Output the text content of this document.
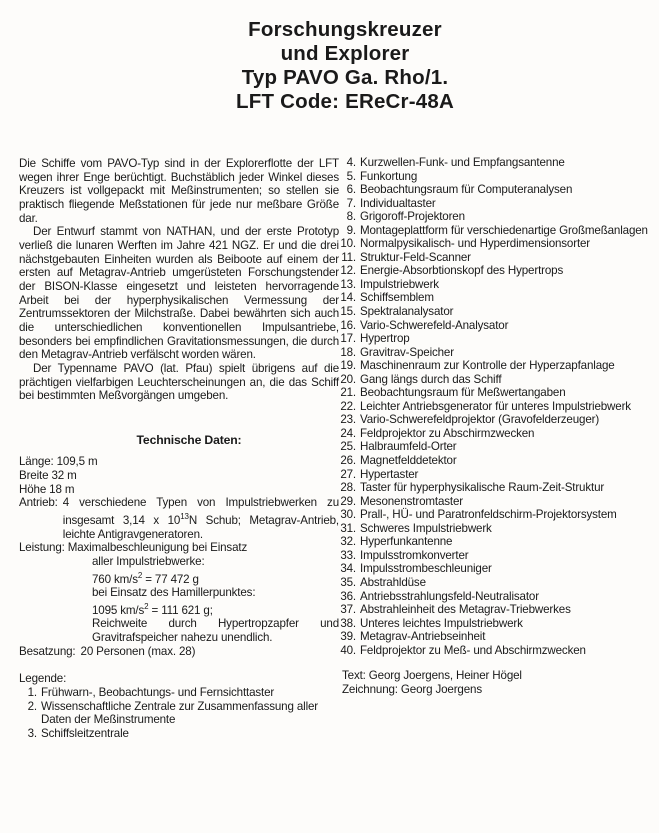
Forschungskreuzer
und Explorer
Typ PAVO Ga. Rho/1.
LFT Code: EReCr-48A

Die Schiffe vom PAVO-Typ sind in der Explorerflotte der LFT wegen ihrer Enge berüchtigt. Buchstäblich jeder Winkel dieses Kreuzers ist vollgepackt mit Meßinstrumenten; so stellen sie praktisch fliegende Meßstationen für jede nur meßbare Größe dar.

Der Entwurf stammt von NATHAN, und der erste Prototyp verließ die lunaren Werften im Jahre 421 NGZ. Er und die drei nächstgebauten Einheiten wurden als Beiboote auf einem der ersten auf Metagrav-Antrieb umgerüsteten Forschungstender der BISON-Klasse eingesetzt und leisteten hervorragende Arbeit bei der hyperphysikalischen Vermessung der Zentrumssektoren der Milchstraße. Dabei bewährten sich auch die unterschiedlichen konventionellen Impulsantriebe, besonders bei empfindlichen Gravitationsmessungen, die durch den Metagrav-Antrieb verfälscht worden wären.

Der Typenname PAVO (lat. Pfau) spielt übrigens auf die prächtigen vielfarbigen Leuchterscheinungen an, die das Schiff bei bestimmten Meßvorgängen umgeben.

Technische Daten:
Länge: 109,5 m
Breite 32 m
Höhe 18 m
Antrieb: 4 verschiedene Typen von Impulstriebwerken zu insgesamt 3,14 x $10^{13}N$ Schub; Metagrav-Antrieb, leichte Antigravgeneratoren.
Leistung: Maximalbeschleunigung bei Einsatz
aller Impulstriebwerke:
760 $km/s^2 = 77$ 472 g
bei Einsatz des Hamillerpunktes:
1095 $km/s^2 = 111$ 621 g;
Reichweite durch Hypertropzapfer und Gravitrafspeicher nahezu unendlich.
Besatzung: 20 Personen (max. 28)
Legende:
1. Frühwarn-, Beobachtungs- und Fernsichttaster
2. Wissenschaftliche Zentrale zur Zusammenfassung aller Daten der Meßinstrumente
3. Schiffsleitzentrale
4. Kurzwellen-Funk- und Empfangsantenne
5. Funkortung
6. Beobachtungsraum für Computeranalysen
7. Individualtaster
8. Grigoroff-Projektoren
9. Montageplattform für verschiedenartige Großmeßanlagen
10. Normalpysikalisch- und Hyperdimensionsorter
11. Struktur-Feld-Scanner
12. Energie-Absorbtionskopf des Hypertrops
13. Impulstriebwerk
14. Schiffsemblem
15. Spektralanalysator
16. Vario-Schwerefeld-Analysator
17. Hypertrop
18. Gravitrav-Speicher
19. Maschinenraum zur Kontrolle der Hyperzapfanlage
20. Gang längs durch das Schiff
21. Beobachtungsraum für Meßwertangaben
22. Leichter Antriebsgenerator für unteres Impulstriebwerk
23. Vario-Schwerefeldprojektor (Gravofelderzeuger)
24. Feldprojektor zu Abschirmzwecken
25. Halbraumfeld-Orter
26. Magnetfelddetektor
27. Hypertaster
28. Taster für hyperphysikalische Raum-Zeit-Struktur
29. Mesonenstromtaster
30. Prall-, HÜ- und Paratronfeldschirm-Projektorsystem
31. Schweres Impulstriebwerk
32. Hyperfunkantenne
33. Impulsstromkonverter
34. Impulsstrombeschleuniger
35. Abstrahldüse
36. Antriebsstrahlungsfeld-Neutralisator
37. Abstrahleinheit des Metagrav-Triebwerkes
38. Unteres leichtes Impulstriebwerk
39. Metagrav-Antriebseinheit
40. Feldprojektor zu Meß- und Abschirmzwecken
Text: Georg Joergens, Heiner Högel
Zeichnung: Georg Joergens
